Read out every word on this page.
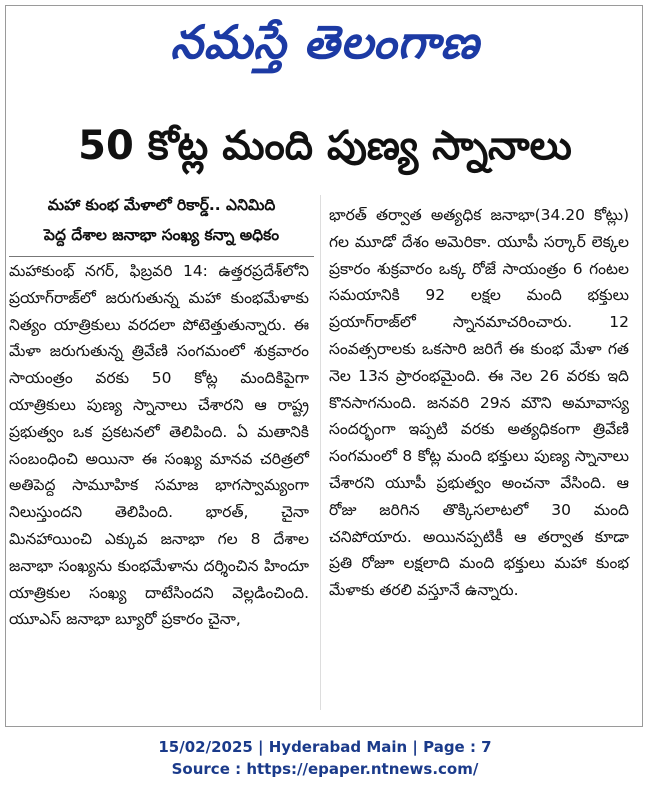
నమస్తే తెలంగాణ
50 కోట్ల మంది పుణ్య స్నానాలు
మహా కుంభ మేళాలో రికార్డ్‌.. ఎనిమిది
పెద్ద దేశాల జనాభా సంఖ్య కన్నా అధికం
మహాకుంభ్‌ నగర్‌, ఫిబ్రవరి 14: ఉత్తరప్రదేశ్‌లోని ప్రయాగ్‌రాజ్‌లో జరుగుతున్న మహా కుంభమేళాకు నిత్యం యాత్రికులు వరదలా పోటెత్తుతున్నారు. ఈ మేళా జరుగుతున్న త్రివేణి సంగమంలో శుక్రవారం సాయంత్రం వరకు 50 కోట్ల మందికిపైగా యాత్రికులు పుణ్య స్నానాలు చేశారని ఆ రాష్ట్ర ప్రభుత్వం ఒక ప్రకటనలో తెలిపింది. ఏ మతానికి సంబంధించి అయినా ఈ సంఖ్య మానవ చరిత్రలో అతిపెద్ద సామూహిక సమాజ భాగస్వామ్యంగా నిలుస్తుందని తెలిపింది. భారత్‌, చైనా మినహాయించి ఎక్కువ జనాభా గల 8 దేశాల జనాభా సంఖ్యను కుంభమేళాను దర్శించిన హిందూ యాత్రికుల సంఖ్య దాటేసిందని వెల్లడించింది. యూఎస్‌ జనాభా బ్యూరో ప్రకారం చైనా,
భారత్‌ తర్వాత అత్యధిక జనాభా(34.20 కోట్లు) గల మూడో దేశం అమెరికా. యూపీ సర్కార్‌ లెక్కల ప్రకారం శుక్రవారం ఒక్క రోజే సాయంత్రం 6 గంటల సమయానికి 92 లక్షల మంది భక్తులు ప్రయాగ్‌రాజ్‌లో స్నానమాచరించారు. 12 సంవత్సరాలకు ఒకసారి జరిగే ఈ కుంభ మేళా గత నెల 13న ప్రారంభమైంది. ఈ నెల 26 వరకు ఇది కొనసాగనుంది. జనవరి 29న మౌని అమావాస్య సందర్భంగా ఇప్పటి వరకు అత్యధికంగా త్రివేణి సంగమంలో 8 కోట్ల మంది భక్తులు పుణ్య స్నానాలు చేశారని యూపీ ప్రభుత్వం అంచనా వేసింది. ఆ రోజు జరిగిన తొక్కిసలాటలో 30 మంది చనిపోయారు. అయినప్పటికీ ఆ తర్వాత కూడా ప్రతి రోజూ లక్షలాది మంది భక్తులు మహా కుంభ మేళాకు తరలి వస్తూనే ఉన్నారు.
15/02/2025 | Hyderabad Main | Page : 7
Source : https://epaper.ntnews.com/
